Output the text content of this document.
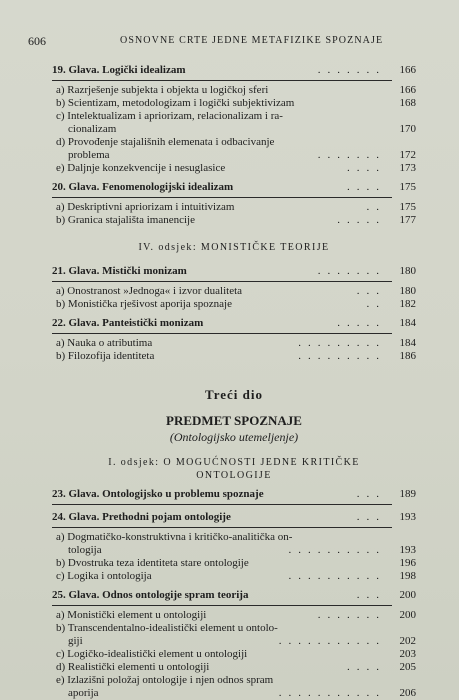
606	OSNOVNE CRTE JEDNE METAFIZIKE SPOZNAJE
19. Glava. Logički idealizam	....... 166
a) Razrješenje subjekta i objekta u logičkoj sferi	166
b) Scientizam, metodologizam i logički subjektivizam	168
c) Intelektualizam i apriorizam, relacionalizam i ra-
cionalizam	170
d) Provođenje stajališnih elemenata i odbacivanje
problema	....... 172
e) Daljnje konzekvencije i nesuglasice	.... 173
20. Glava. Fenomenologijski idealizam	.... 175
a) Deskriptivni apriorizam i intuitivizam	.. 175
b) Granica stajališta imanencije	..... 177
IV. odsjek: MONISTIČKE TEORIJE
21. Glava. Mistički monizam	....... 180
a) Onostranost »Jednoga« i izvor dualiteta	... 180
b) Monistička rješivost aporija spoznaje	.. 182
22. Glava. Panteistički monizam	..... 184
a) Nauka o atributima	......... 184
b) Filozofija identiteta	......... 186
Treći dio
PREDMET SPOZNAJE
(Ontologijsko utemeljenje)
I. odsjek: O MOGUĆNOSTI JEDNE KRITIČKE
ONTOLOGIJE
23. Glava. Ontologijsko u problemu spoznaje	... 189
24. Glava. Prethodni pojam ontologije	... 193
a) Dogmatičko-konstruktivna i kritičko-analitička on-
tologija	.......... 193
b) Dvostruka teza identiteta stare ontologije	196
c) Logika i ontologija	.......... 198
25. Glava. Odnos ontologije spram teorija	... 200
a) Monistički element u ontologiji	....... 200
b) Transcendentalno-idealistički element u ontolo-
giji	........... 202
c) Logičko-idealistički element u ontologiji	203
d) Realistički elementi u ontologiji	.... 205
e) Izlazišni položaj ontologije i njen odnos spram
aporija	........... 206
